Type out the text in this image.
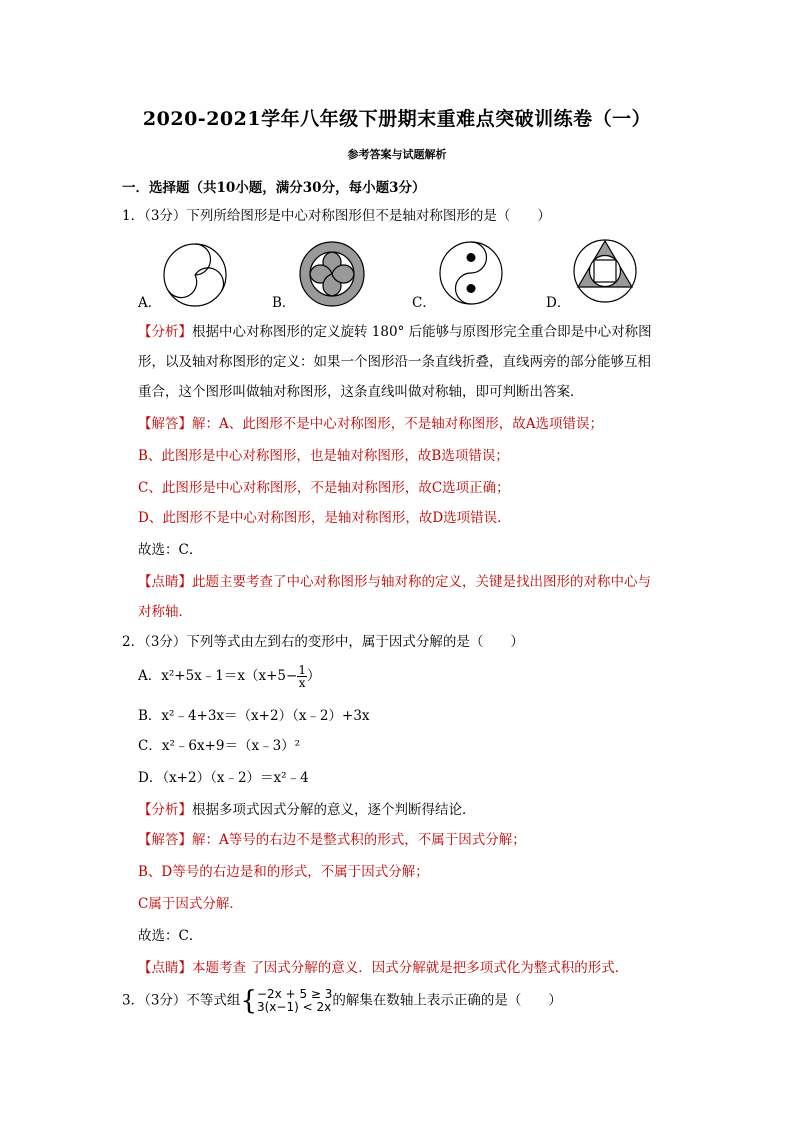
2020-2021学年八年级下册期末重难点突破训练卷（一）
参考答案与试题解析
一．选择题（共10小题，满分30分，每小题3分）
1．（3分）下列所给图形是中心对称图形但不是轴对称图形的是（　　）
A．	B．	C．	D．
【分析】根据中心对称图形的定义旋转 180° 后能够与原图形完全重合即是中心对称图
形，以及轴对称图形的定义：如果一个图形沿一条直线折叠，直线两旁的部分能够互相
重合，这个图形叫做轴对称图形，这条直线叫做对称轴，即可判断出答案．
【解答】解：A、此图形不是中心对称图形，不是轴对称图形，故A选项错误；
B、此图形是中心对称图形，也是轴对称图形，故B选项错误；
C、此图形是中心对称图形，不是轴对称图形，故C选项正确；
D、此图形不是中心对称图形，是轴对称图形，故D选项错误．
故选：C．
【点睛】此题主要考查了中心对称图形与轴对称的定义，关键是找出图形的对称中心与
对称轴．
2．（3分）下列等式由左到右的变形中，属于因式分解的是（　　）
A．x²+5x﹣1＝x（x+5− $\frac{1}{x}$ ）
B．x²﹣4+3x＝（x+2）（x﹣2）+3x
C．x²﹣6x+9＝（x﹣3）²
D．（x+2）（x﹣2）＝x²﹣4
【分析】根据多项式因式分解的意义，逐个判断得结论．
【解答】解：A等号的右边不是整式积的形式，不属于因式分解；
B、D等号的右边是和的形式，不属于因式分解；
C属于因式分解．
故选：C．
【点睛】本题考查 了因式分解的意义．因式分解就是把多项式化为整式积的形式．
3．（3分）不等式组{ −2x + 5 ≥ 3
3(x−1) < 2x 的解集在数轴上表示正确的是（　　）
